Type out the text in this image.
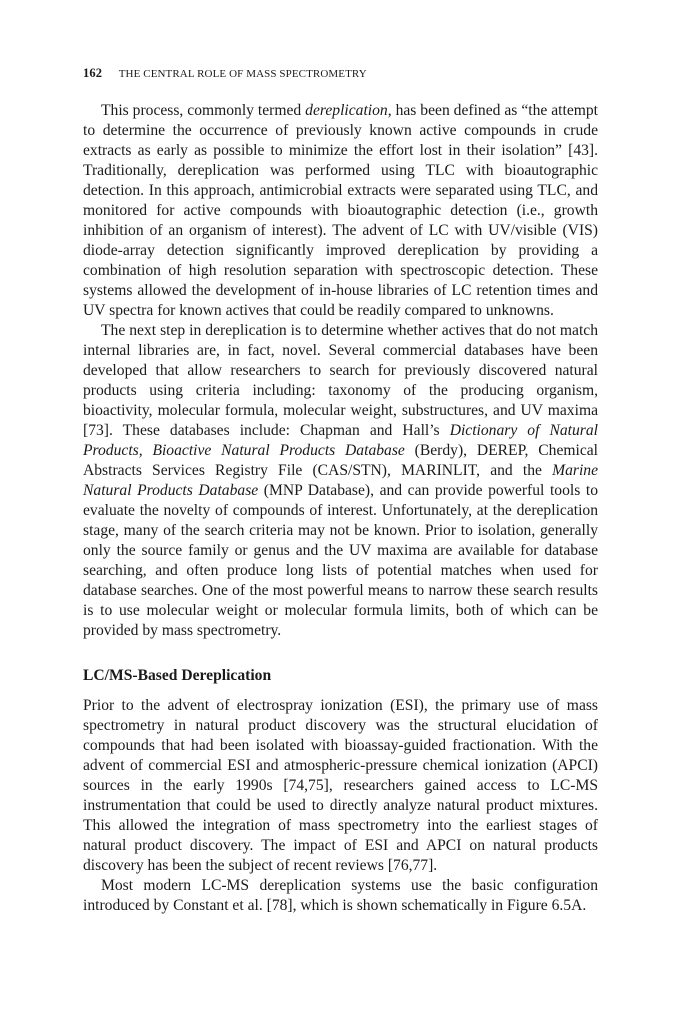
162 THE CENTRAL ROLE OF MASS SPECTROMETRY

This process, commonly termed dereplication, has been defined as “the attempt to determine the occurrence of previously known active compounds in crude extracts as early as possible to minimize the effort lost in their isolation” [43]. Traditionally, dereplication was performed using TLC with bioautographic detection. In this approach, antimicrobial extracts were separated using TLC, and monitored for active compounds with bioautographic detection (i.e., growth inhibition of an organism of interest). The advent of LC with UV/visible (VIS) diode-array detection significantly improved dereplication by providing a combination of high resolution separation with spectroscopic detection. These systems allowed the development of in-house libraries of LC retention times and UV spectra for known actives that could be readily compared to unknowns.

The next step in dereplication is to determine whether actives that do not match internal libraries are, in fact, novel. Several commercial databases have been developed that allow researchers to search for previously discovered natural products using criteria including: taxonomy of the producing organism, bioactivity, molecular formula, molecular weight, substructures, and UV maxima [73]. These databases include: Chapman and Hall’s Dictionary of Natural Products, Bioactive Natural Products Database (Berdy), DEREP, Chemical Abstracts Services Registry File (CAS/STN), MARINLIT, and the Marine Natural Products Database (MNP Database), and can provide powerful tools to evaluate the novelty of compounds of interest. Unfortunately, at the dereplication stage, many of the search criteria may not be known. Prior to isolation, generally only the source family or genus and the UV maxima are available for database searching, and often produce long lists of potential matches when used for database searches. One of the most powerful means to narrow these search results is to use molecular weight or molecular formula limits, both of which can be provided by mass spectrometry.

LC/MS-Based Dereplication

Prior to the advent of electrospray ionization (ESI), the primary use of mass spectrometry in natural product discovery was the structural elucidation of compounds that had been isolated with bioassay-guided fractionation. With the advent of commercial ESI and atmospheric-pressure chemical ionization (APCI) sources in the early 1990s [74,75], researchers gained access to LC-MS instrumentation that could be used to directly analyze natural product mixtures. This allowed the integration of mass spectrometry into the earliest stages of natural product discovery. The impact of ESI and APCI on natural products discovery has been the subject of recent reviews [76,77].

Most modern LC-MS dereplication systems use the basic configuration introduced by Constant et al. [78], which is shown schematically in Figure 6.5A.
